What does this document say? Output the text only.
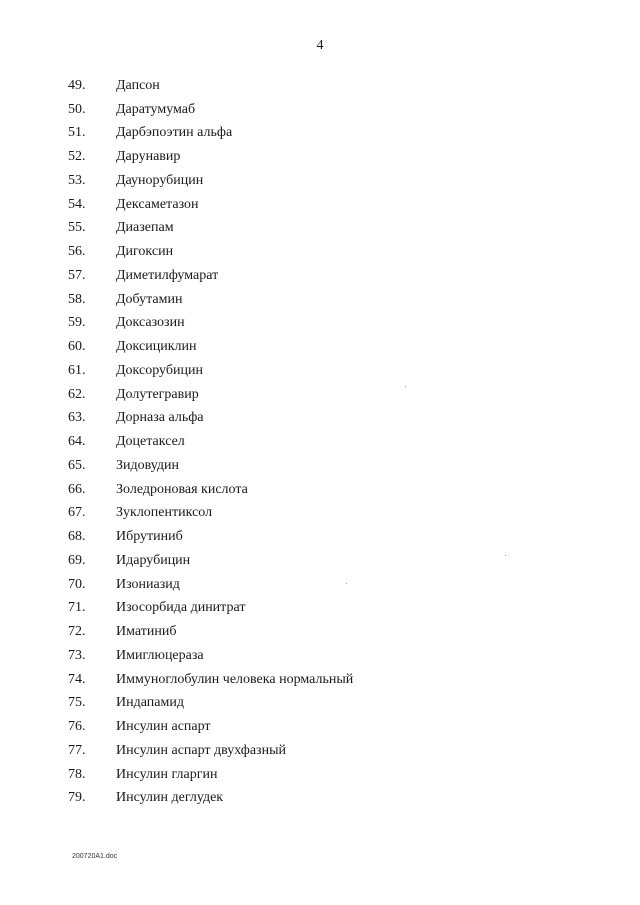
4
49.	Дапсон
50.	Даратумумаб
51.	Дарбэпоэтин альфа
52.	Дарунавир
53.	Даунорубицин
54.	Дексаметазон
55.	Диазепам
56.	Дигоксин
57.	Диметилфумарат
58.	Добутамин
59.	Доксазозин
60.	Доксициклин
61.	Доксорубицин
62.	Долутегравир
63.	Дорназа альфа
64.	Доцетаксел
65.	Зидовудин
66.	Золедроновая кислота
67.	Зуклопентиксол
68.	Ибрутиниб
69.	Идарубицин
70.	Изониазид
71.	Изосорбида динитрат
72.	Иматиниб
73.	Имиглюцераза
74.	Иммуноглобулин человека нормальный
75.	Индапамид
76.	Инсулин аспарт
77.	Инсулин аспарт двухфазный
78.	Инсулин гларгин
79.	Инсулин деглудек
200720A1.doc
